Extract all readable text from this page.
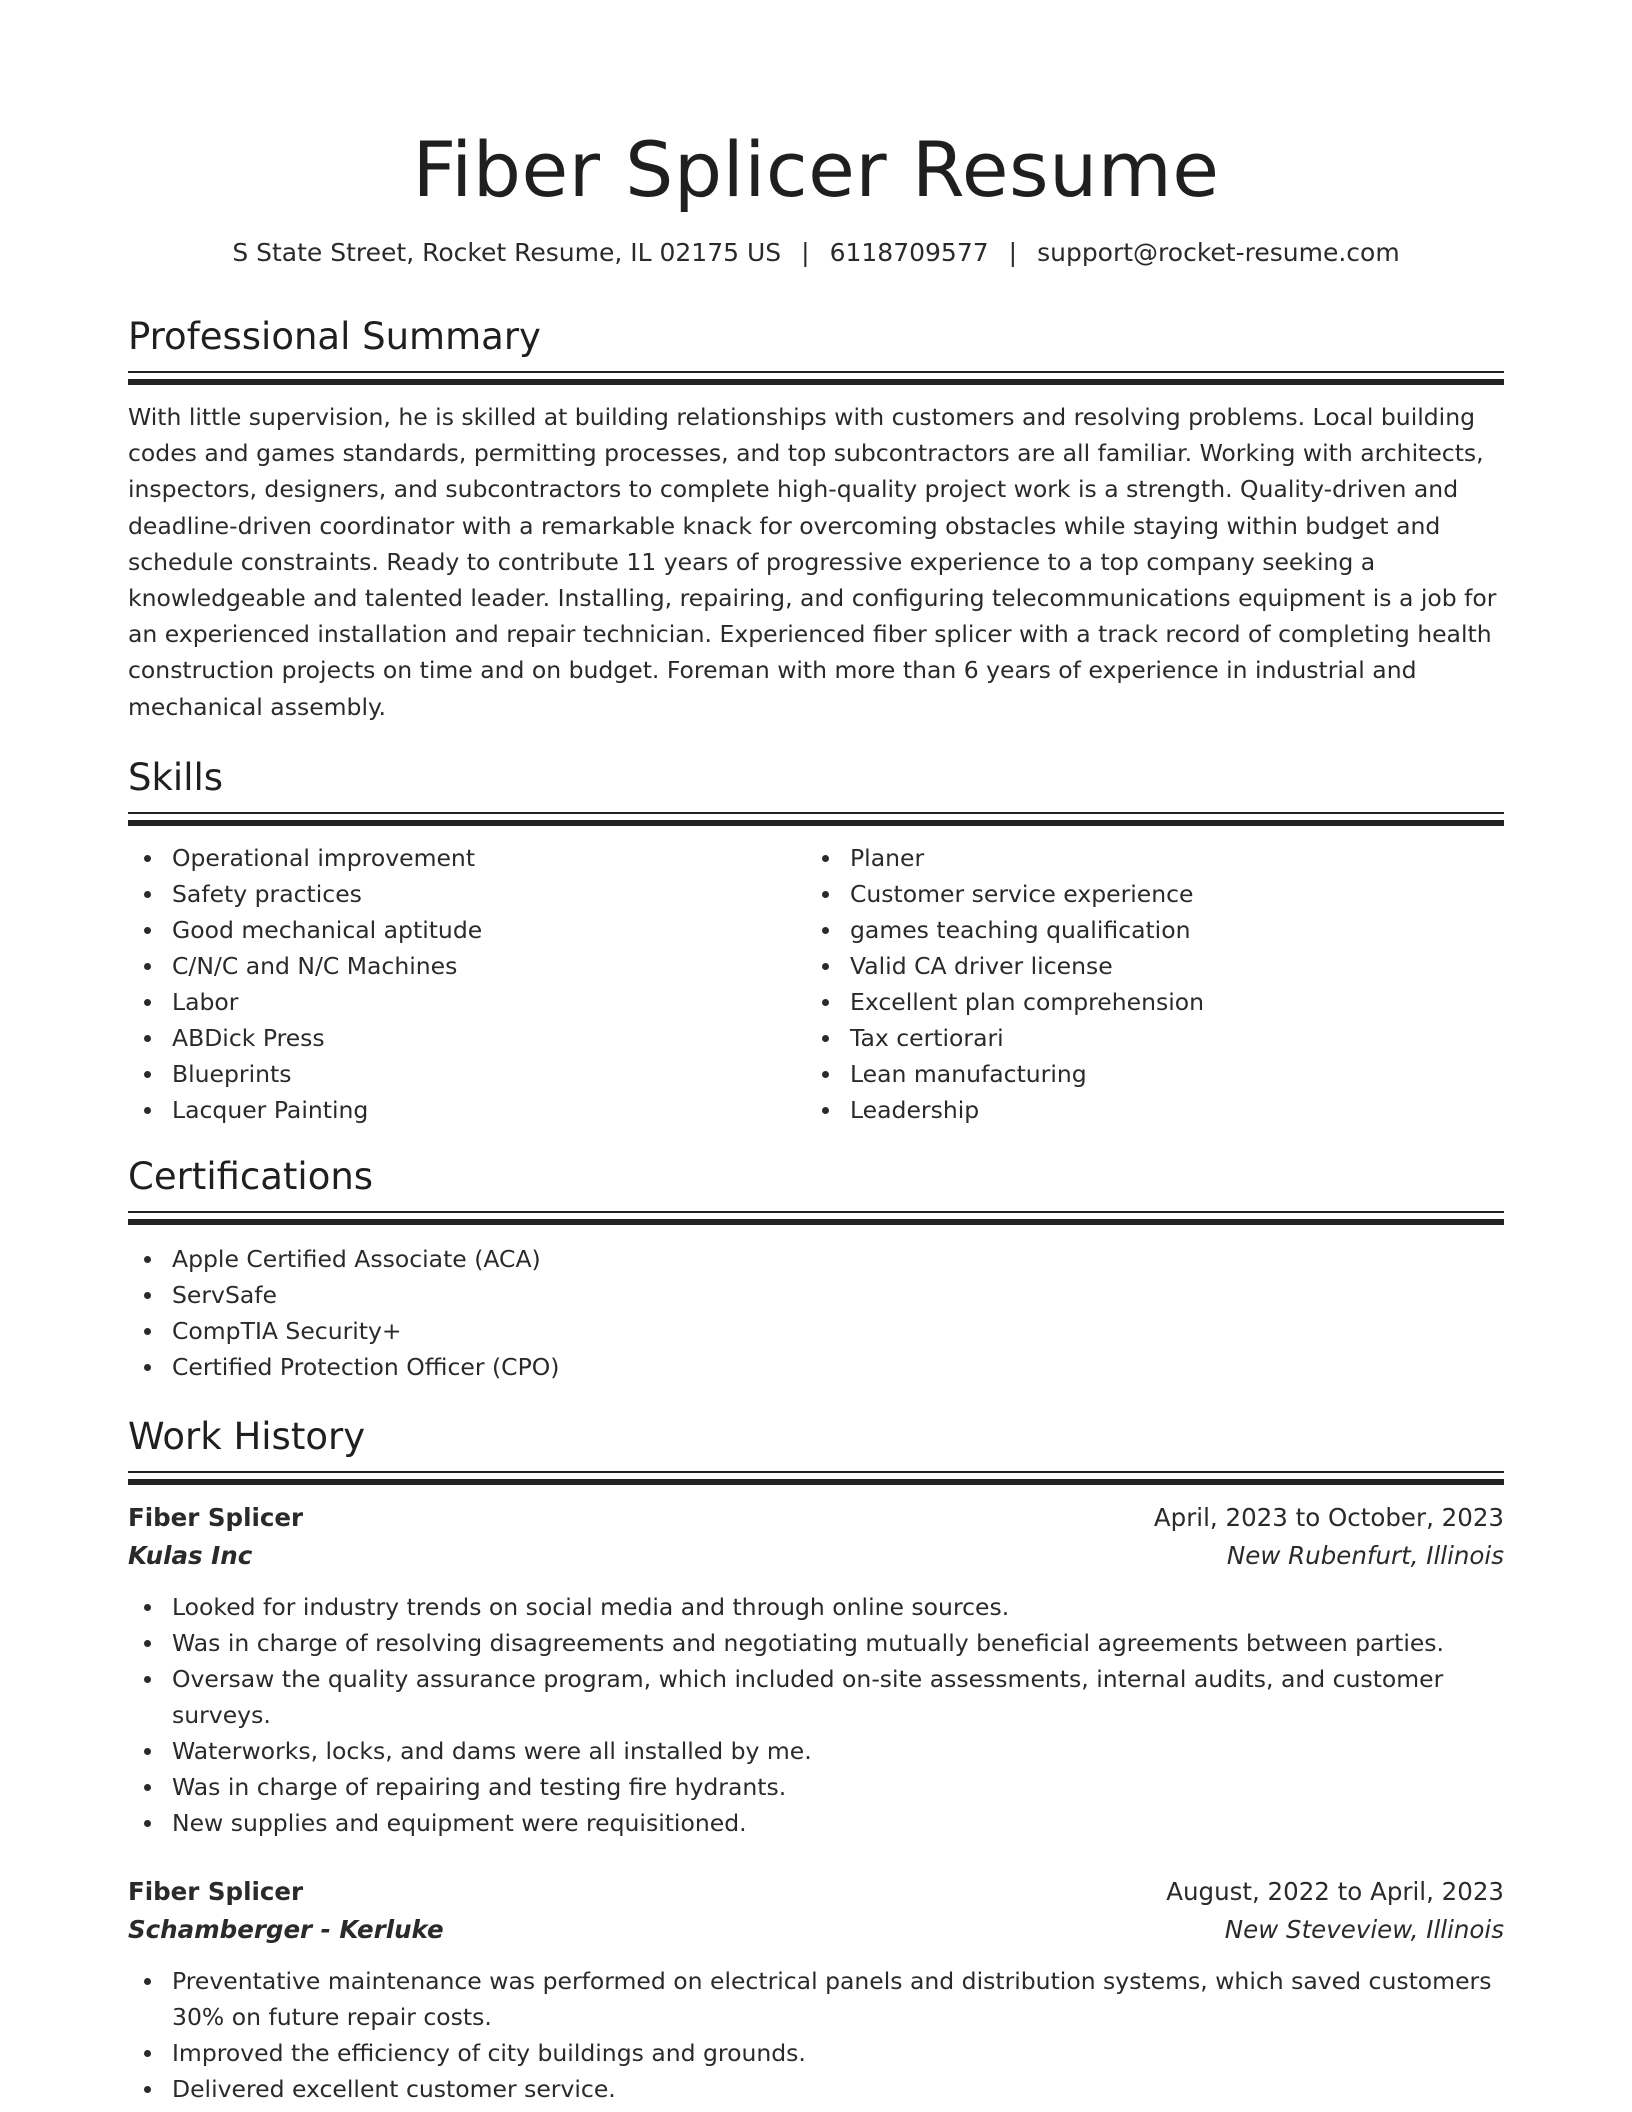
Fiber Splicer Resume
S State Street, Rocket Resume, IL 02175 US | 6118709577 | support@rocket-resume.com
Professional Summary
With little supervision, he is skilled at building relationships with customers and resolving problems. Local building codes and games standards, permitting processes, and top subcontractors are all familiar. Working with architects, inspectors, designers, and subcontractors to complete high-quality project work is a strength. Quality-driven and deadline-driven coordinator with a remarkable knack for overcoming obstacles while staying within budget and schedule constraints. Ready to contribute 11 years of progressive experience to a top company seeking a knowledgeable and talented leader. Installing, repairing, and configuring telecommunications equipment is a job for an experienced installation and repair technician. Experienced fiber splicer with a track record of completing health construction projects on time and on budget. Foreman with more than 6 years of experience in industrial and mechanical assembly.
Skills
Operational improvement
Safety practices
Good mechanical aptitude
C/N/C and N/C Machines
Labor
ABDick Press
Blueprints
Lacquer Painting
Planer
Customer service experience
games teaching qualification
Valid CA driver license
Excellent plan comprehension
Tax certiorari
Lean manufacturing
Leadership
Certifications
Apple Certified Associate (ACA)
ServSafe
CompTIA Security+
Certified Protection Officer (CPO)
Work History
Fiber Splicer	April, 2023 to October, 2023
Kulas Inc	New Rubenfurt, Illinois
Looked for industry trends on social media and through online sources.
Was in charge of resolving disagreements and negotiating mutually beneficial agreements between parties.
Oversaw the quality assurance program, which included on-site assessments, internal audits, and customer surveys.
Waterworks, locks, and dams were all installed by me.
Was in charge of repairing and testing fire hydrants.
New supplies and equipment were requisitioned.
Fiber Splicer	August, 2022 to April, 2023
Schamberger - Kerluke	New Steveview, Illinois
Preventative maintenance was performed on electrical panels and distribution systems, which saved customers 30% on future repair costs.
Improved the efficiency of city buildings and grounds.
Delivered excellent customer service.
